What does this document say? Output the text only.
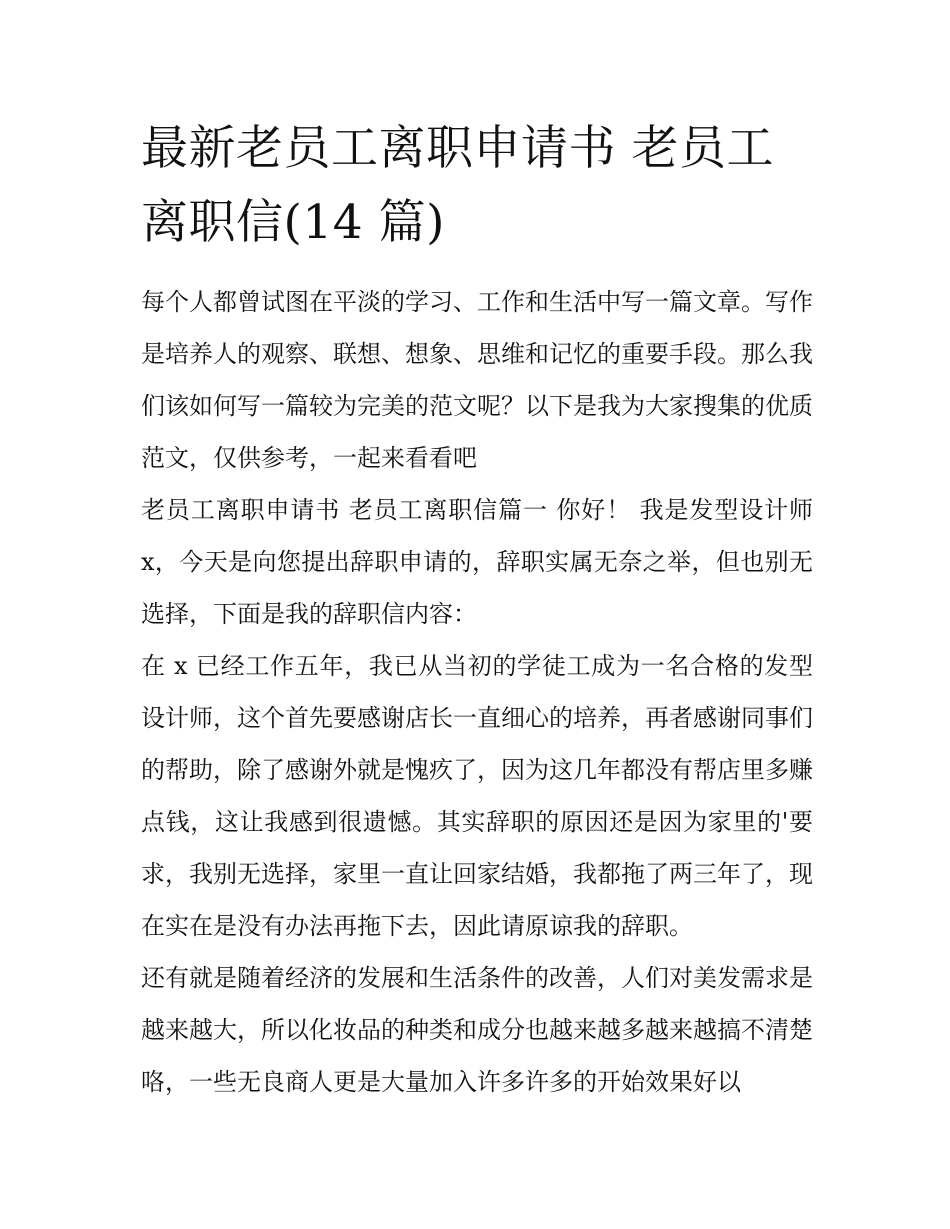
最新老员工离职申请书 老员工离职信(14 篇)

每个人都曾试图在平淡的学习、工作和生活中写一篇文章。写作是培养人的观察、联想、想象、思维和记忆的重要手段。那么我们该如何写一篇较为完美的范文呢？以下是我为大家搜集的优质范文，仅供参考，一起来看看吧

老员工离职申请书 老员工离职信篇一 你好！ 我是发型设计师 x，今天是向您提出辞职申请的，辞职实属无奈之举，但也别无选择，下面是我的辞职信内容：

在 x 已经工作五年，我已从当初的学徒工成为一名合格的发型设计师，这个首先要感谢店长一直细心的培养，再者感谢同事们的帮助，除了感谢外就是愧疚了，因为这几年都没有帮店里多赚点钱，这让我感到很遗憾。其实辞职的原因还是因为家里的'要求，我别无选择，家里一直让回家结婚，我都拖了两三年了，现在实在是没有办法再拖下去，因此请原谅我的辞职。

还有就是随着经济的发展和生活条件的改善，人们对美发需求是越来越大，所以化妆品的种类和成分也越来越多越来越搞不清楚咯，一些无良商人更是大量加入许多许多的开始效果好以
